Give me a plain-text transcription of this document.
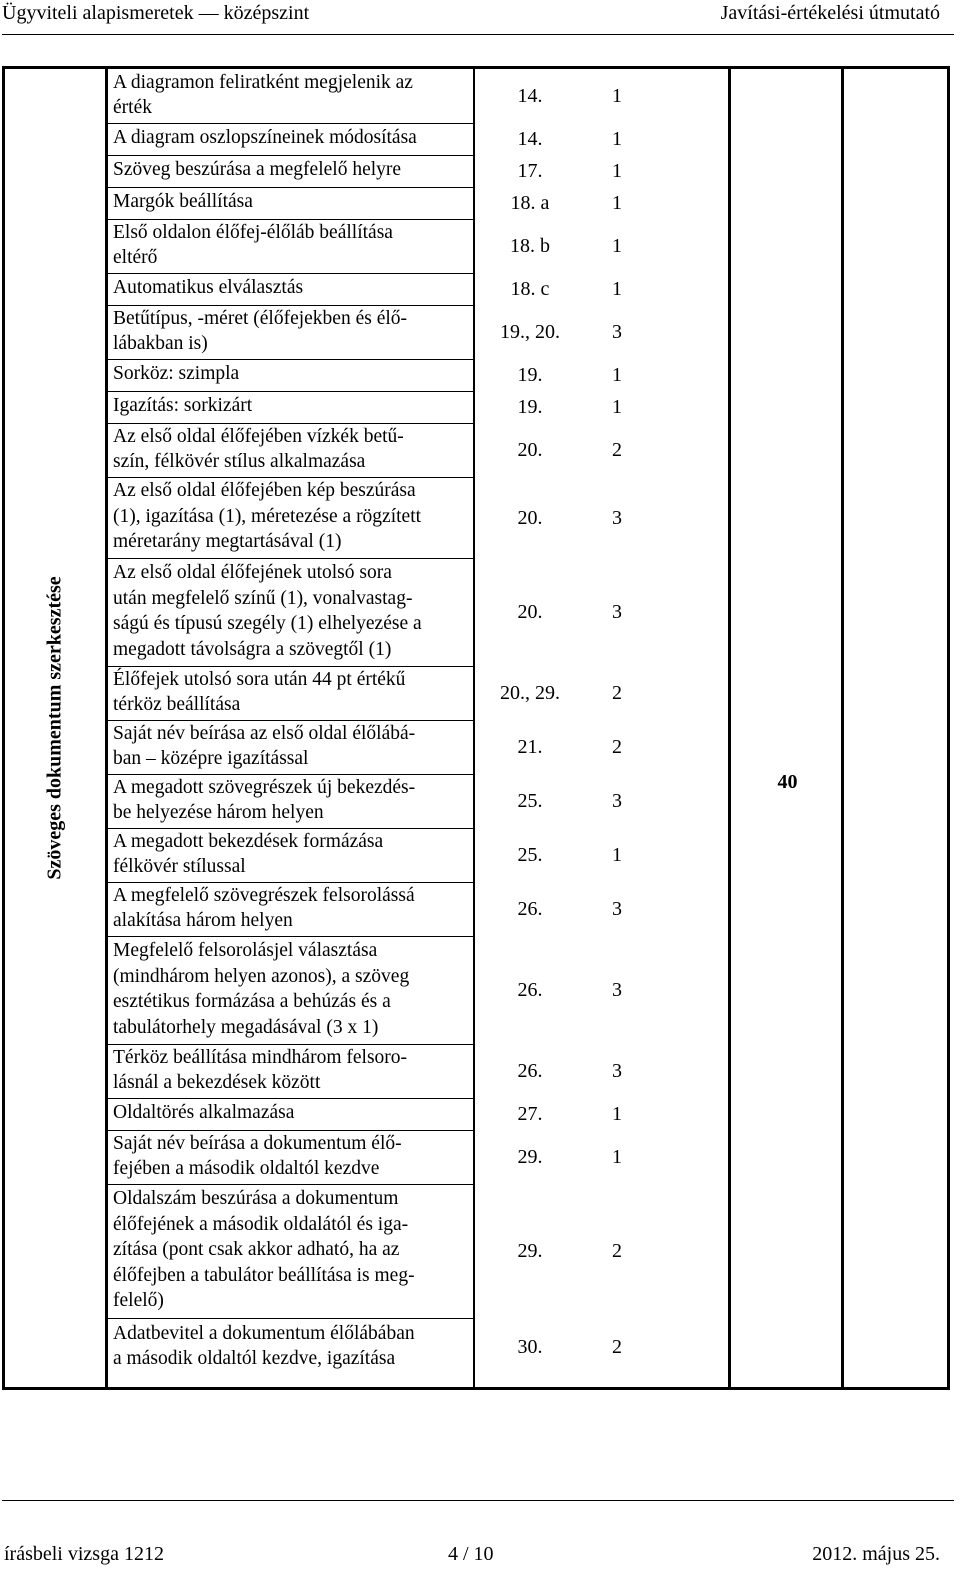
Ügyviteli alapismeretek — középszint	Javítási-értékelési útmutató
Szöveges dokumentum szerkesztése	40
A diagramon feliratként megjelenik az
érték
14.	1
A diagram oszlopszíneinek módosítása	14.	1
Szöveg beszúrása a megfelelő helyre	17.	1
Margók beállítása	18. a	1
Első oldalon élőfej-élőláb beállítása
eltérő
18. b	1
Automatikus elválasztás	18. c	1
Betűtípus, -méret (élőfejekben és élő-
lábakban is)
19., 20.	3
Sorköz: szimpla	19.	1
Igazítás: sorkizárt	19.	1
Az első oldal élőfejében vízkék betű-
szín, félkövér stílus alkalmazása
20.	2
Az első oldal élőfejében kép beszúrása
(1), igazítása (1), méretezése a rögzített
méretarány megtartásával (1)
20.	3
Az első oldal élőfejének utolsó sora
után megfelelő színű (1), vonalvastag-
ságú és típusú szegély (1) elhelyezése a
megadott távolságra a szövegtől (1)
20.	3
Élőfejek utolsó sora után 44 pt értékű
térköz beállítása
20., 29.	2
Saját név beírása az első oldal élőlábá-
ban – középre igazítással
21.	2
A megadott szövegrészek új bekezdés-
be helyezése három helyen
25.	3
A megadott bekezdések formázása
félkövér stílussal
25.	1
A megfelelő szövegrészek felsorolássá
alakítása három helyen
26.	3
Megfelelő felsorolásjel választása
(mindhárom helyen azonos), a szöveg
esztétikus formázása a behúzás és a
tabulátorhely megadásával (3 x 1)
26.	3
Térköz beállítása mindhárom felsoro-
lásnál a bekezdések között
26.	3
Oldaltörés alkalmazása	27.	1
Saját név beírása a dokumentum élő-
fejében a második oldaltól kezdve
29.	1
Oldalszám beszúrása a dokumentum
élőfejének a második oldalától és iga-
zítása (pont csak akkor adható, ha az
élőfejben a tabulátor beállítása is meg-
felelő)
29.	2
Adatbevitel a dokumentum élőlábában
a második oldaltól kezdve, igazítása
30.	2
írásbeli vizsga 1212	4 / 10	2012. május 25.
